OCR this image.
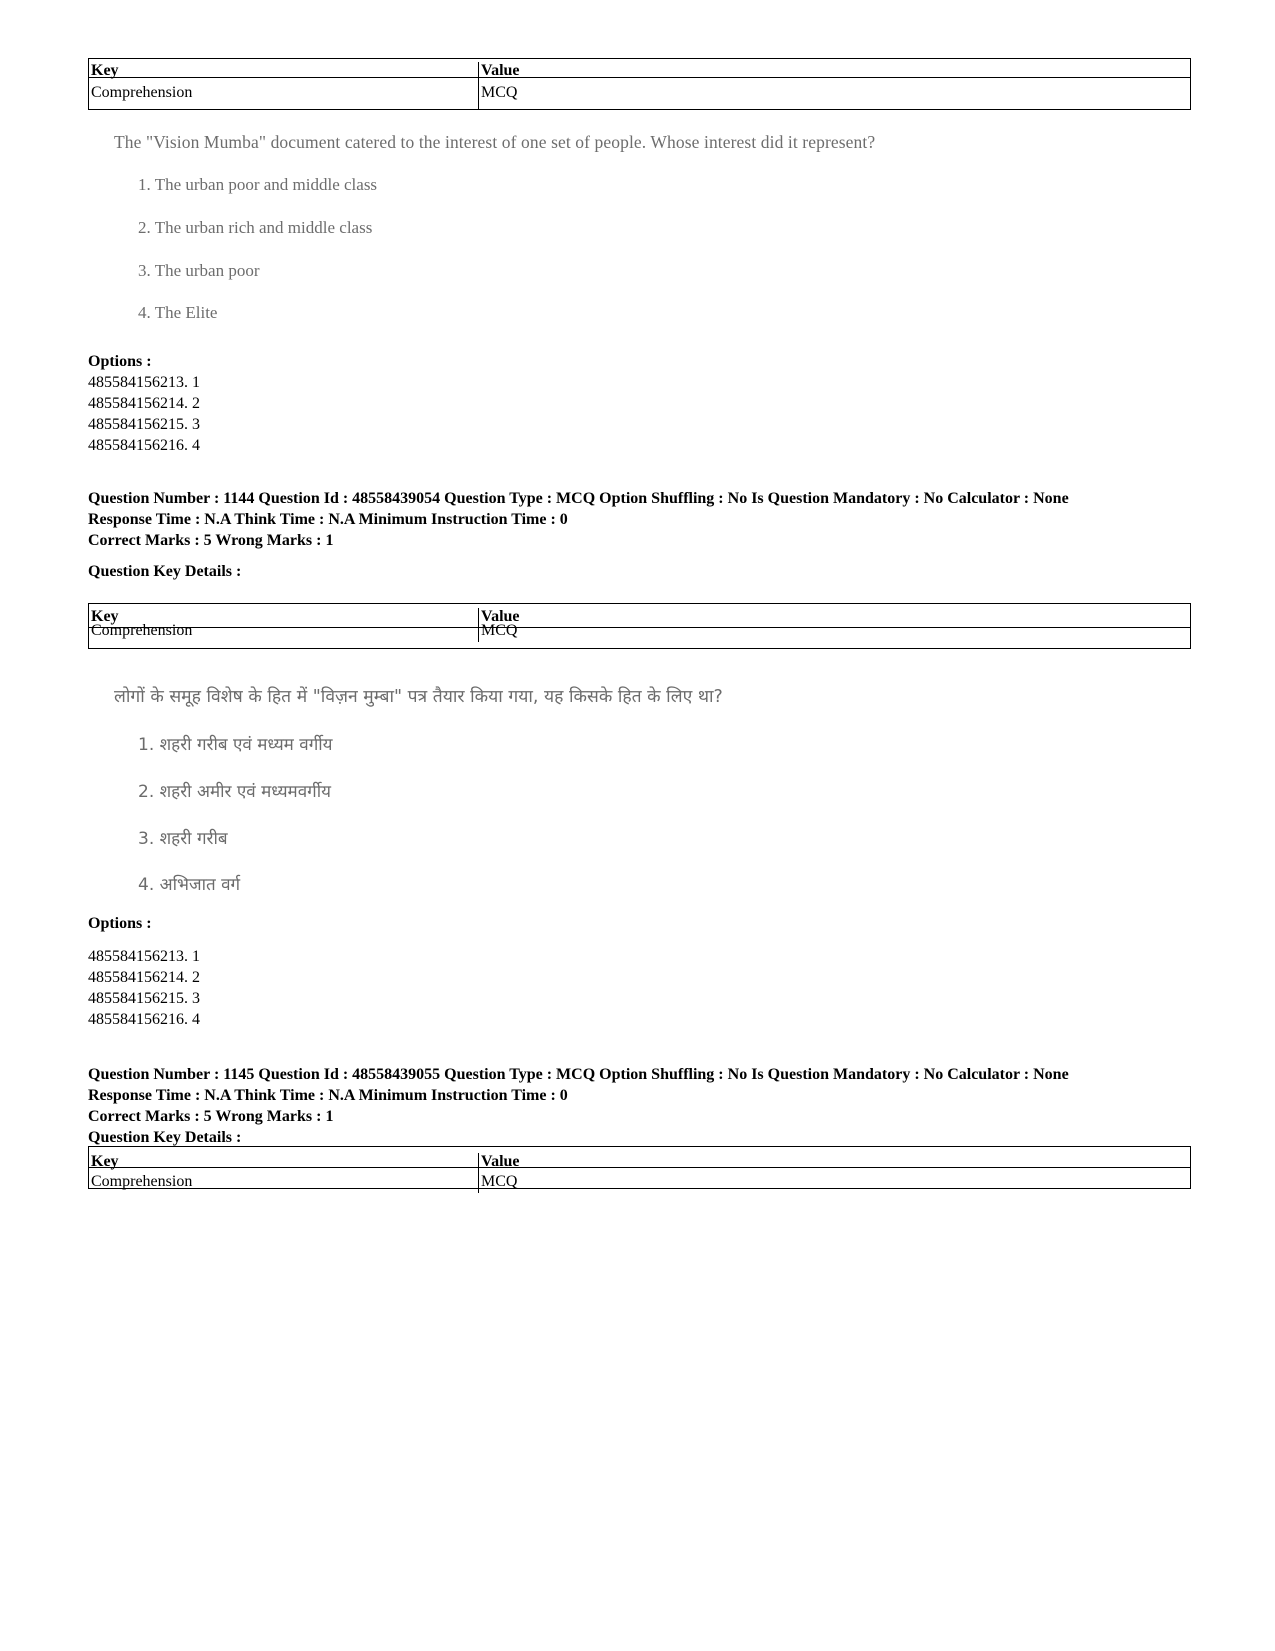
Key	Value
Comprehension	MCQ
The "Vision Mumba" document catered to the interest of one set of people. Whose interest did it represent?
1. The urban poor and middle class
2. The urban rich and middle class
3. The urban poor
4. The Elite
Options :
485584156213. 1
485584156214. 2
485584156215. 3
485584156216. 4
Question Number : 1144 Question Id : 48558439054 Question Type : MCQ Option Shuffling : No Is Question Mandatory : No Calculator : None
Response Time : N.A Think Time : N.A Minimum Instruction Time : 0
Correct Marks : 5 Wrong Marks : 1
Question Key Details :
Key	Value
Comprehension	MCQ
लोगों के समूह विशेष के हित में "विज़न मुम्बा" पत्र तैयार किया गया, यह किसके हित के लिए था?
1. शहरी गरीब एवं मध्यम वर्गीय
2. शहरी अमीर एवं मध्यमवर्गीय
3. शहरी गरीब
4. अभिजात वर्ग
Options :
485584156213. 1
485584156214. 2
485584156215. 3
485584156216. 4
Question Number : 1145 Question Id : 48558439055 Question Type : MCQ Option Shuffling : No Is Question Mandatory : No Calculator : None
Response Time : N.A Think Time : N.A Minimum Instruction Time : 0
Correct Marks : 5 Wrong Marks : 1
Question Key Details :
Key	Value
Comprehension	MCQ
